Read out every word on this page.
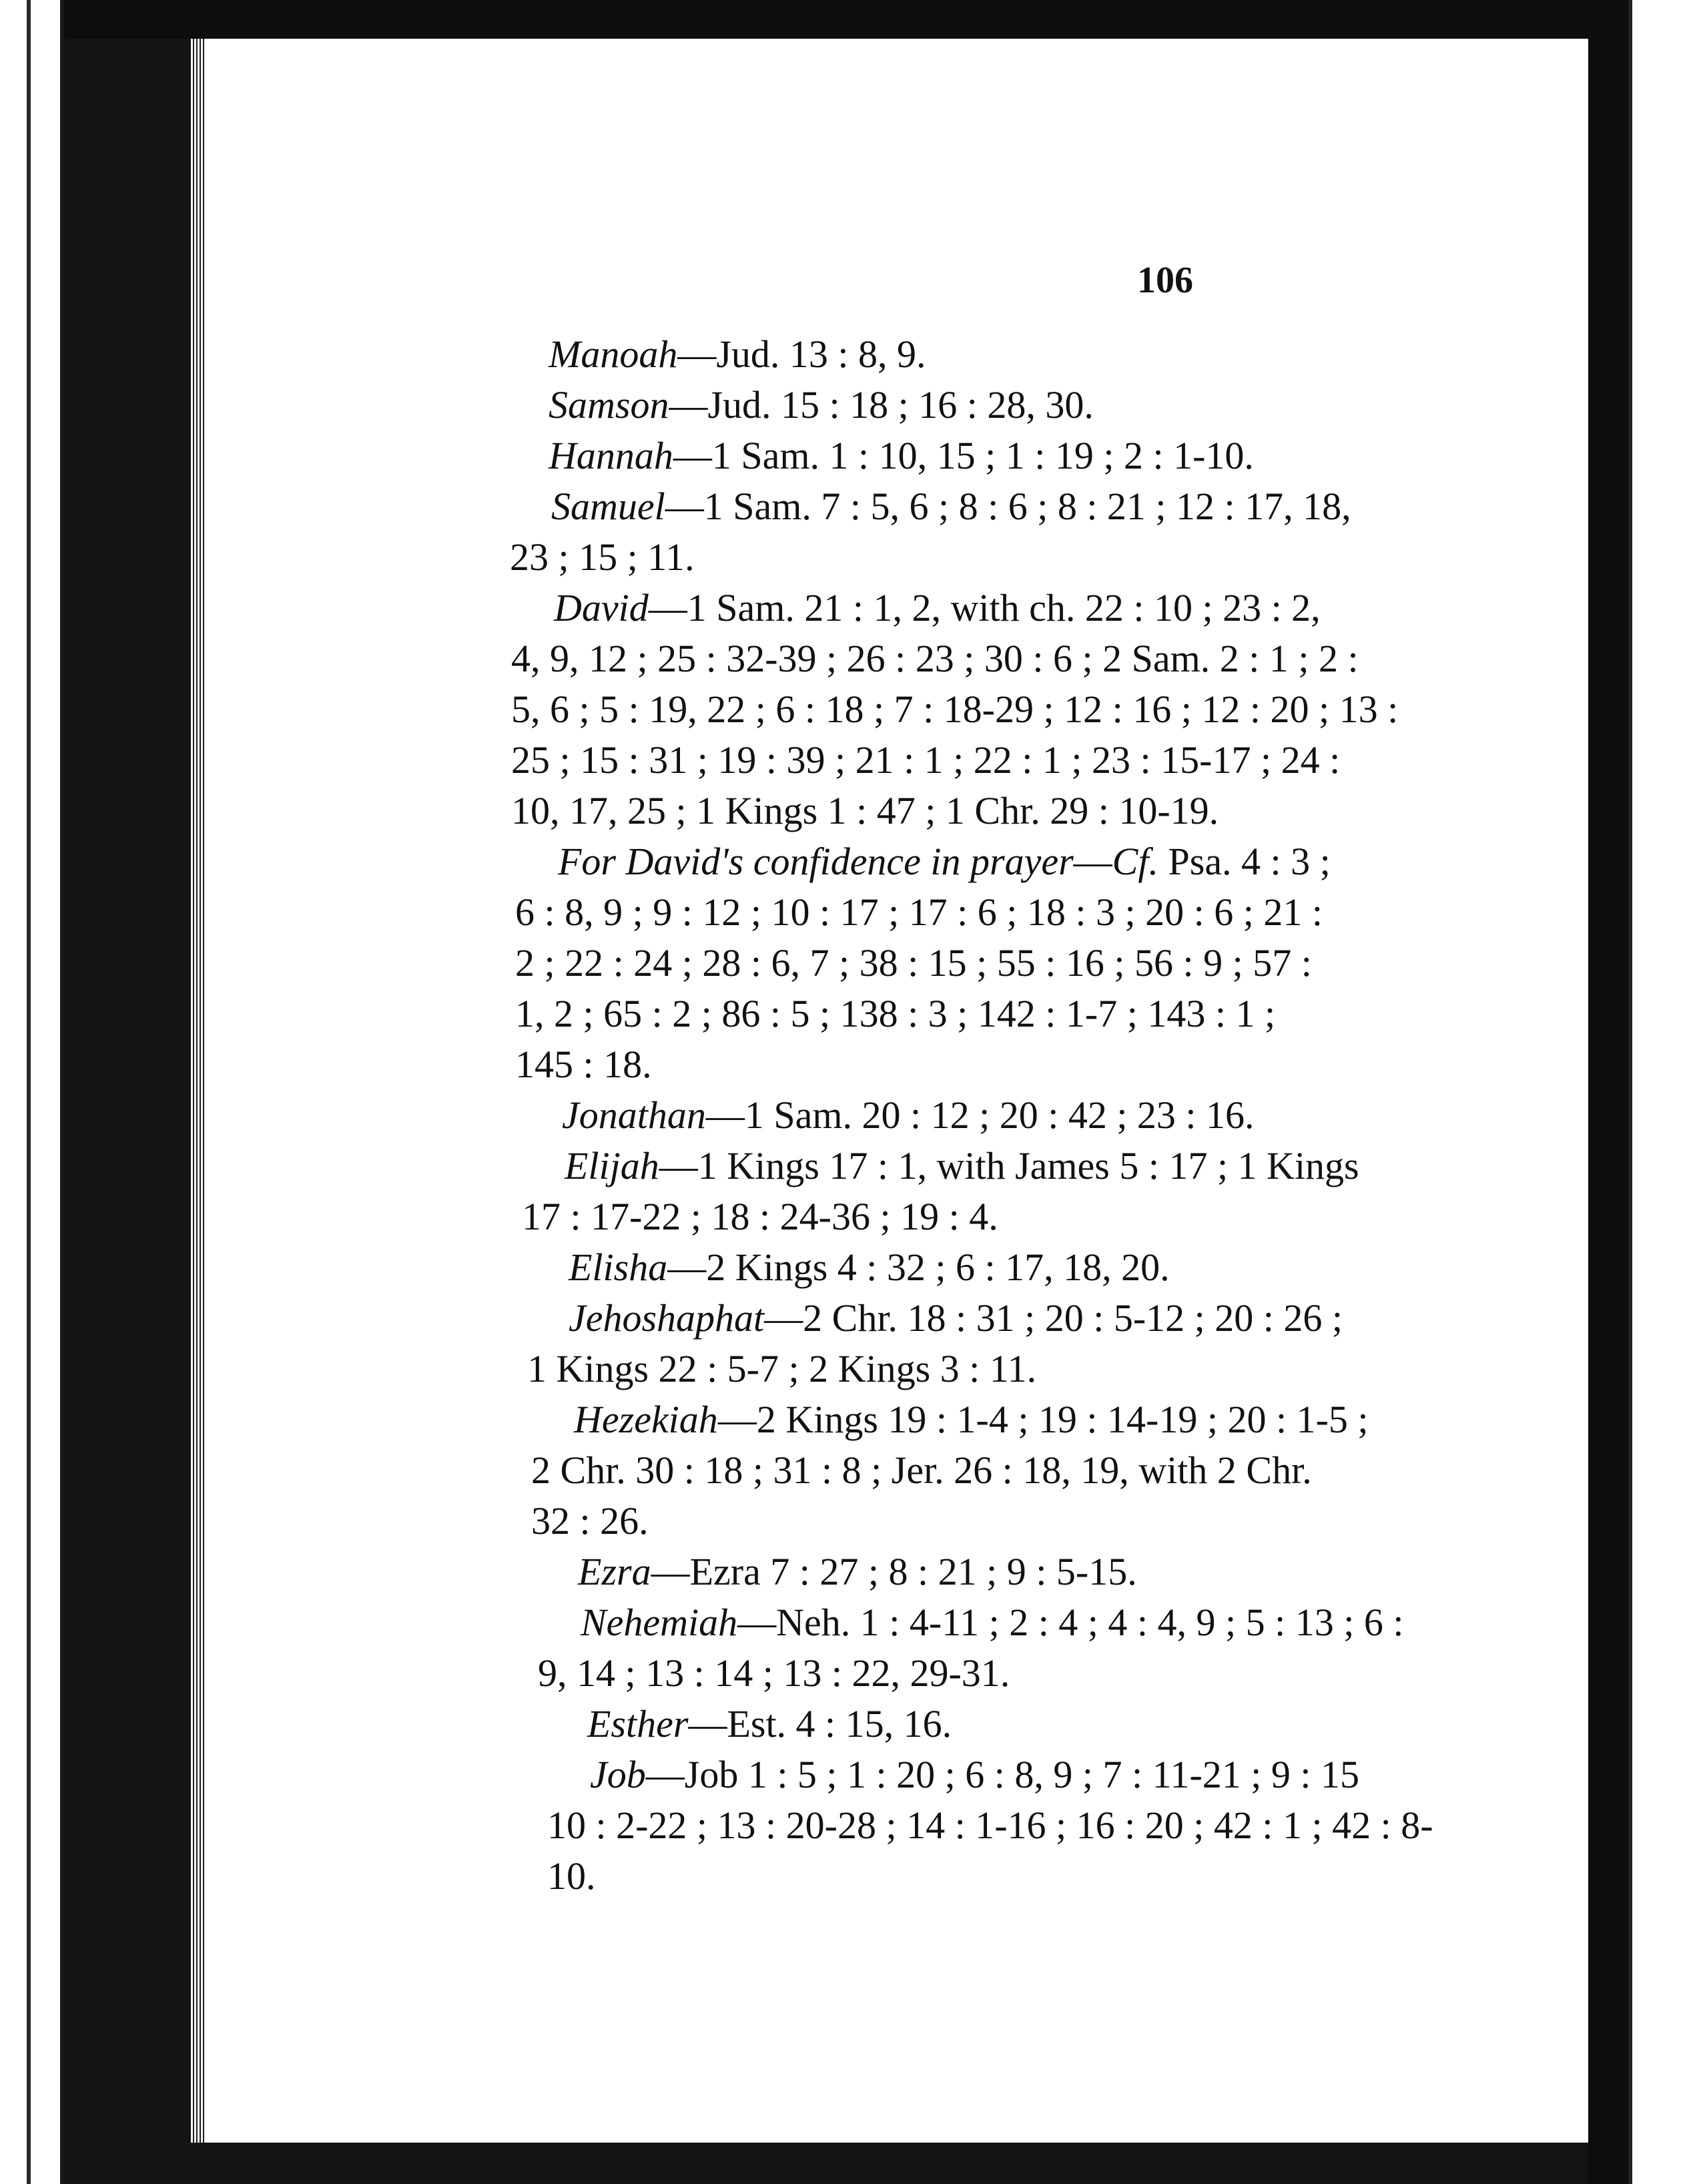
106
Manoah—Jud. 13 : 8, 9.
Samson—Jud. 15 : 18 ; 16 : 28, 30.
Hannah—1 Sam. 1 : 10, 15 ; 1 : 19 ; 2 : 1-10.
Samuel—1 Sam. 7 : 5, 6 ; 8 : 6 ; 8 : 21 ; 12 : 17, 18,
23 ; 15 ; 11.
David—1 Sam. 21 : 1, 2, with ch. 22 : 10 ; 23 : 2,
4, 9, 12 ; 25 : 32-39 ; 26 : 23 ; 30 : 6 ; 2 Sam. 2 : 1 ; 2 :
5, 6 ; 5 : 19, 22 ; 6 : 18 ; 7 : 18-29 ; 12 : 16 ; 12 : 20 ; 13 :
25 ; 15 : 31 ; 19 : 39 ; 21 : 1 ; 22 : 1 ; 23 : 15-17 ; 24 :
10, 17, 25 ; 1 Kings 1 : 47 ; 1 Chr. 29 : 10-19.
For David's confidence in prayer—Cf. Psa. 4 : 3 ;
6 : 8, 9 ; 9 : 12 ; 10 : 17 ; 17 : 6 ; 18 : 3 ; 20 : 6 ; 21 :
2 ; 22 : 24 ; 28 : 6, 7 ; 38 : 15 ; 55 : 16 ; 56 : 9 ; 57 :
1, 2 ; 65 : 2 ; 86 : 5 ; 138 : 3 ; 142 : 1-7 ; 143 : 1 ;
145 : 18.
Jonathan—1 Sam. 20 : 12 ; 20 : 42 ; 23 : 16.
Elijah—1 Kings 17 : 1, with James 5 : 17 ; 1 Kings
17 : 17-22 ; 18 : 24-36 ; 19 : 4.
Elisha—2 Kings 4 : 32 ; 6 : 17, 18, 20.
Jehoshaphat—2 Chr. 18 : 31 ; 20 : 5-12 ; 20 : 26 ;
1 Kings 22 : 5-7 ; 2 Kings 3 : 11.
Hezekiah—2 Kings 19 : 1-4 ; 19 : 14-19 ; 20 : 1-5 ;
2 Chr. 30 : 18 ; 31 : 8 ; Jer. 26 : 18, 19, with 2 Chr.
32 : 26.
Ezra—Ezra 7 : 27 ; 8 : 21 ; 9 : 5-15.
Nehemiah—Neh. 1 : 4-11 ; 2 : 4 ; 4 : 4, 9 ; 5 : 13 ; 6 :
9, 14 ; 13 : 14 ; 13 : 22, 29-31.
Esther—Est. 4 : 15, 16.
Job—Job 1 : 5 ; 1 : 20 ; 6 : 8, 9 ; 7 : 11-21 ; 9 : 15
10 : 2-22 ; 13 : 20-28 ; 14 : 1-16 ; 16 : 20 ; 42 : 1 ; 42 : 8-
10.
